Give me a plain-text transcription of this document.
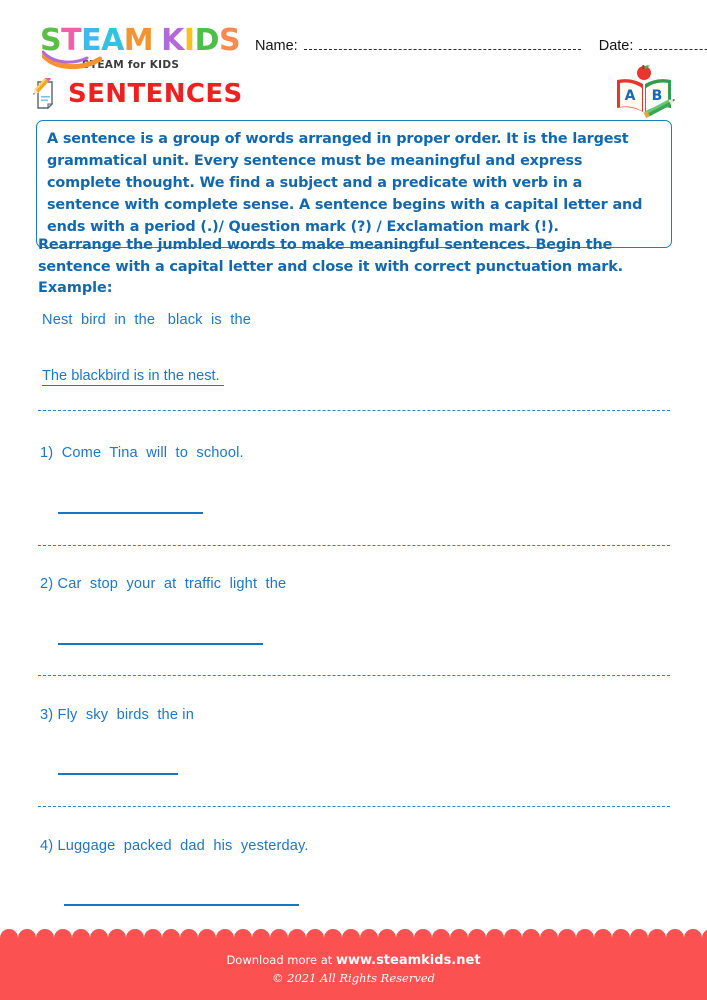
STEAM KIDS
STEAM for KIDS
Name:	Date:
SENTENCES	A B
A sentence is a group of words arranged in proper order. It is the largest grammatical unit. Every sentence must be meaningful and express complete thought. We find a subject and a predicate with verb in a sentence with complete sense. A sentence begins with a capital letter and ends with a period (.)/ Question mark (?) / Exclamation mark (!).
Rearrange the jumbled words to make meaningful sentences. Begin the sentence with a capital letter and close it with correct punctuation mark.
Example:
Nest  bird  in  the   black  is  the
The blackbird is in the nest.
1) Come  Tina  will  to  school.
2) Car  stop  your  at  traffic  light  the
3) Fly  sky  birds  the in
4) Luggage  packed  dad  his  yesterday.
Download more at www.steamkids.net
© 2021 All Rights Reserved
